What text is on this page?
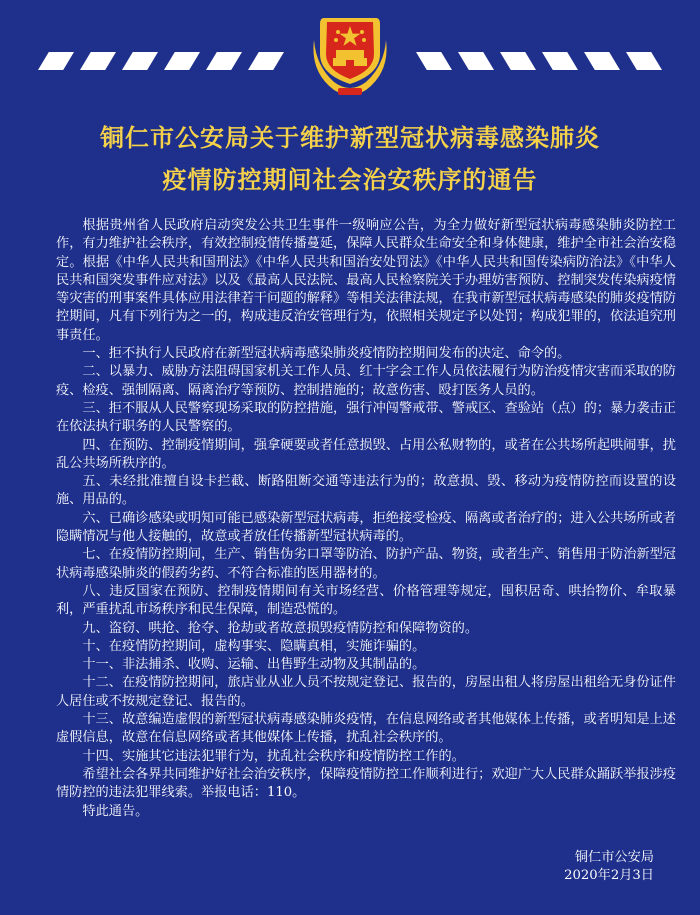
铜仁市公安局关于维护新型冠状病毒感染肺炎
疫情防控期间社会治安秩序的通告

根据贵州省人民政府启动突发公共卫生事件一级响应公告，为全力做好新型冠状病毒感染肺炎防控工作，有力维护社会秩序，有效控制疫情传播蔓延，保障人民群众生命安全和身体健康，维护全市社会治安稳定。根据《中华人民共和国刑法》《中华人民共和国治安处罚法》《中华人民共和国传染病防治法》《中华人民共和国突发事件应对法》以及《最高人民法院、最高人民检察院关于办理妨害预防、控制突发传染病疫情等灾害的刑事案件具体应用法律若干问题的解释》等相关法律法规，在我市新型冠状病毒感染的肺炎疫情防控期间，凡有下列行为之一的，构成违反治安管理行为，依照相关规定予以处罚；构成犯罪的，依法追究刑事责任。

一、拒不执行人民政府在新型冠状病毒感染肺炎疫情防控期间发布的决定、命令的。

二、以暴力、威胁方法阻碍国家机关工作人员、红十字会工作人员依法履行为防治疫情灾害而采取的防疫、检疫、强制隔离、隔离治疗等预防、控制措施的；故意伤害、殴打医务人员的。

三、拒不服从人民警察现场采取的防控措施，强行冲闯警戒带、警戒区、查验站（点）的；暴力袭击正在依法执行职务的人民警察的。

四、在预防、控制疫情期间，强拿硬要或者任意损毁、占用公私财物的，或者在公共场所起哄闹事，扰乱公共场所秩序的。

五、未经批准擅自设卡拦截、断路阻断交通等违法行为的；故意损、毁、移动为疫情防控而设置的设施、用品的。

六、已确诊感染或明知可能已感染新型冠状病毒，拒绝接受检疫、隔离或者治疗的；进入公共场所或者隐瞒情况与他人接触的，故意或者放任传播新型冠状病毒的。

七、在疫情防控期间，生产、销售伪劣口罩等防治、防护产品、物资，或者生产、销售用于防治新型冠状病毒感染肺炎的假药劣药、不符合标准的医用器材的。

八、违反国家在预防、控制疫情期间有关市场经营、价格管理等规定，囤积居奇、哄抬物价、牟取暴利，严重扰乱市场秩序和民生保障，制造恐慌的。

九、盗窃、哄抢、抢夺、抢劫或者故意损毁疫情防控和保障物资的。

十、在疫情防控期间，虚构事实、隐瞒真相，实施诈骗的。

十一、非法捕杀、收购、运输、出售野生动物及其制品的。

十二、在疫情防控期间，旅店业从业人员不按规定登记、报告的，房屋出租人将房屋出租给无身份证件人居住或不按规定登记、报告的。

十三、故意编造虚假的新型冠状病毒感染肺炎疫情，在信息网络或者其他媒体上传播，或者明知是上述虚假信息，故意在信息网络或者其他媒体上传播，扰乱社会秩序的。

十四、实施其它违法犯罪行为，扰乱社会秩序和疫情防控工作的。

希望社会各界共同维护好社会治安秩序，保障疫情防控工作顺利进行；欢迎广大人民群众踊跃举报涉疫情防控的违法犯罪线索。举报电话：110。

特此通告。

铜仁市公安局
2020年2月3日
